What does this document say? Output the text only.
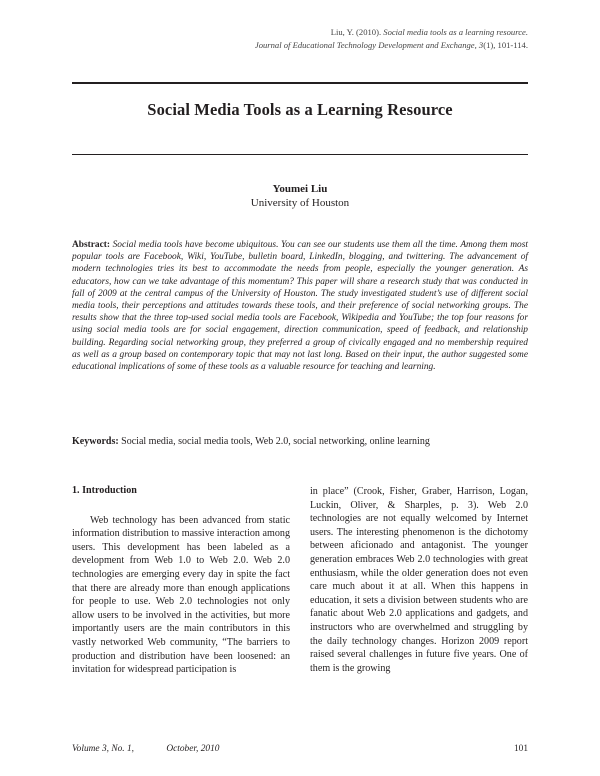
Liu, Y. (2010). Social media tools as a learning resource.
Journal of Educational Technology Development and Exchange, 3(1), 101-114.
Social Media Tools as a Learning Resource
Youmei Liu
University of Houston
Abstract: Social media tools have become ubiquitous. You can see our students use them all the time. Among them most popular tools are Facebook, Wiki, YouTube, bulletin board, LinkedIn, blogging, and twittering. The advancement of modern technologies tries its best to accommodate the needs from people, especially the younger generation. As educators, how can we take advantage of this momentum? This paper will share a research study that was conducted in fall of 2009 at the central campus of the University of Houston. The study investigated student’s use of different social media tools, their perceptions and attitudes towards these tools, and their preference of social networking groups. The results show that the three top-used social media tools are Facebook, Wikipedia and YouTube; the top four reasons for using social media tools are for social engagement, direction communication, speed of feedback, and relationship building. Regarding social networking group, they preferred a group of civically engaged and no membership required as well as a group based on contemporary topic that may not last long. Based on their input, the author suggested some educational implications of some of these tools as a valuable resource for teaching and learning.
Keywords: Social media, social media tools, Web 2.0, social networking, online learning
1. Introduction

Web technology has been advanced from static information distribution to massive interaction among users. This development has been labeled as a development from Web 1.0 to Web 2.0. Web 2.0 technologies are emerging every day in spite the fact that there are already more than enough applications for people to use. Web 2.0 technologies not only allow users to be involved in the activities, but more importantly users are the main contributors in this vastly networked Web community, “The barriers to production and distribution have been loosened: an invitation for widespread participation is

in place” (Crook, Fisher, Graber, Harrison, Logan, Luckin, Oliver, & Sharples, p. 3). Web 2.0 technologies are not equally welcomed by Internet users. The interesting phenomenon is the dichotomy between aficionado and antagonist. The younger generation embraces Web 2.0 technologies with great enthusiasm, while the older generation does not even care much about it at all. When this happens in education, it sets a division between students who are fanatic about Web 2.0 applications and gadgets, and instructors who are overwhelmed and struggling by the daily technology changes. Horizon 2009 report raised several challenges in future five years. One of them is the growing

Volume 3, No. 1,	October, 2010	101
